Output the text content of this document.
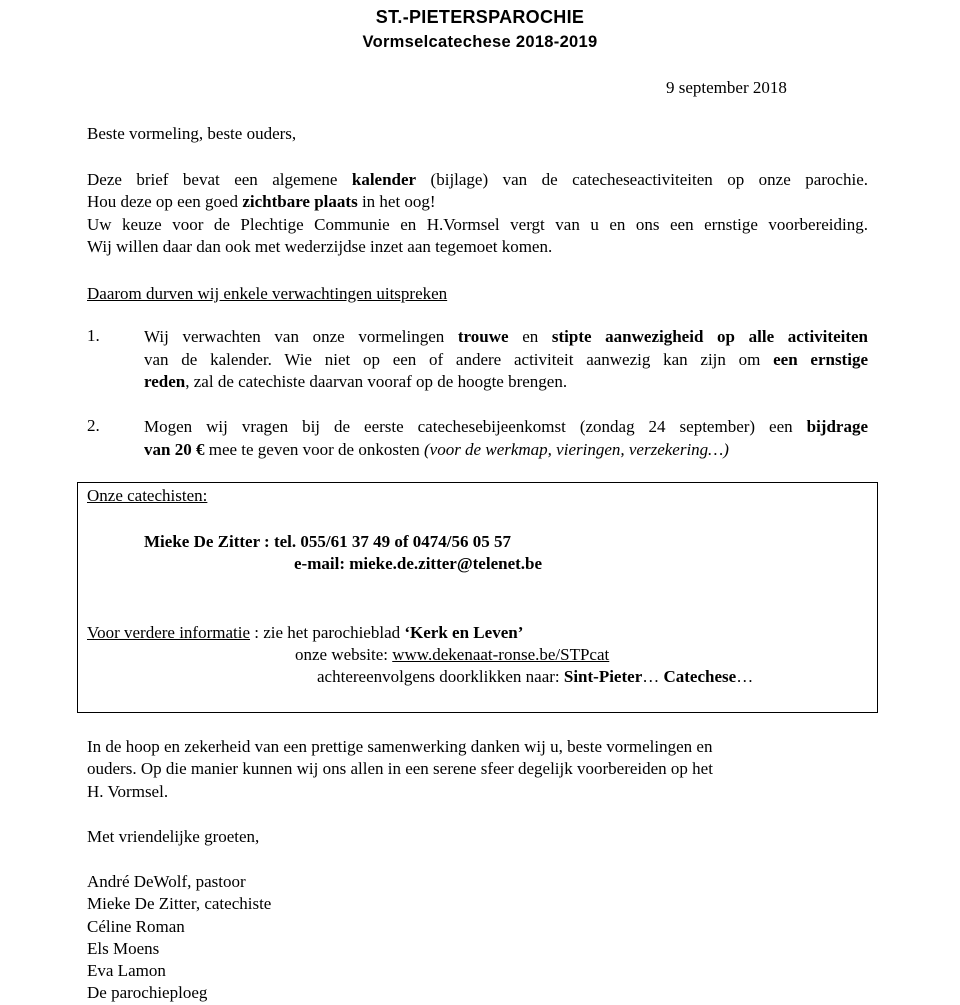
ST.-PIETERSPAROCHIE
Vormselcatechese 2018-2019
9 september 2018
Beste vormeling, beste ouders,
Deze brief bevat een algemene kalender (bijlage) van de catecheseactiviteiten op onze parochie.
Hou deze op een goed zichtbare plaats in het oog!
Uw keuze voor de Plechtige Communie en H.Vormsel vergt van u en ons een ernstige voorbereiding.
Wij willen daar dan ook met wederzijdse inzet aan tegemoet komen.
Daarom durven wij enkele verwachtingen uitspreken
1.	Wij verwachten van onze vormelingen trouwe en stipte aanwezigheid op alle activiteiten
van de kalender. Wie niet op een of andere activiteit aanwezig kan zijn om een ernstige
reden, zal de catechiste daarvan vooraf op de hoogte brengen.
2.	Mogen wij vragen bij de eerste catechesebijeenkomst (zondag 24 september) een bijdrage
van 20 € mee te geven voor de onkosten (voor de werkmap, vieringen, verzekering…)
Onze catechisten:
Mieke De Zitter : tel. 055/61 37 49 of 0474/56 05 57
e-mail: mieke.de.zitter@telenet.be
Voor verdere informatie : zie het parochieblad ‘Kerk en Leven’
onze website: www.dekenaat-ronse.be/STPcat
achtereenvolgens doorklikken naar: Sint-Pieter… Catechese…
In de hoop en zekerheid van een prettige samenwerking danken wij u, beste vormelingen en
ouders. Op die manier kunnen wij ons allen in een serene sfeer degelijk voorbereiden op het
H. Vormsel.
Met vriendelijke groeten,
André DeWolf, pastoor
Mieke De Zitter, catechiste
Céline Roman
Els Moens
Eva Lamon
De parochieploeg
